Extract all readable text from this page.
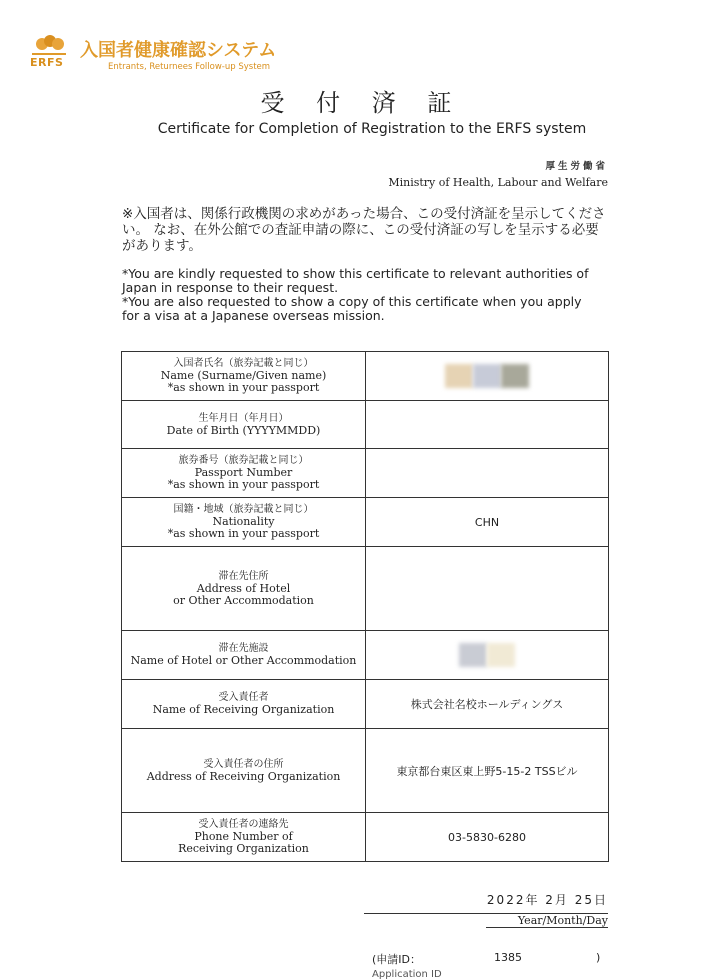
ERFS
入国者健康確認システム
Entrants, Returnees Follow-up System
受 付 済 証
Certificate for Completion of Registration to the ERFS system
厚生労働省
Ministry of Health, Labour and Welfare
※入国者は、関係行政機関の求めがあった場合、この受付済証を呈示してください。 なお、在外公館での査証申請の際に、この受付済証の写しを呈示する必要があります。

*You are kindly requested to show this certificate to relevant authorities of Japan in response to their request.

*You are also requested to show a copy of this certificate when you apply for a visa at a Japanese overseas mission.

入国者氏名（旅券記載と同じ）
Name (Surname/Given name)
*as shown in your passport	

生年月日（年月日）
Date of Birth (YYYYMMDD)	

旅券番号（旅券記載と同じ）
Passport Number
*as shown in your passport	

国籍・地域（旅券記載と同じ）
Nationality
*as shown in your passport	CHN

滞在先住所
Address of Hotel
or Other Accommodation	

滞在先施設
Name of Hotel or Other Accommodation	

受入責任者
Name of Receiving Organization	株式会社名校ホールディングス

受入責任者の住所
Address of Receiving Organization	東京都台東区東上野5-15-2 TSSビル

受入責任者の連絡先
Phone Number of
Receiving Organization	03-5830-6280
2022年 2月 25日
Year/Month/Day
(申請ID：	1385	)
Application ID
